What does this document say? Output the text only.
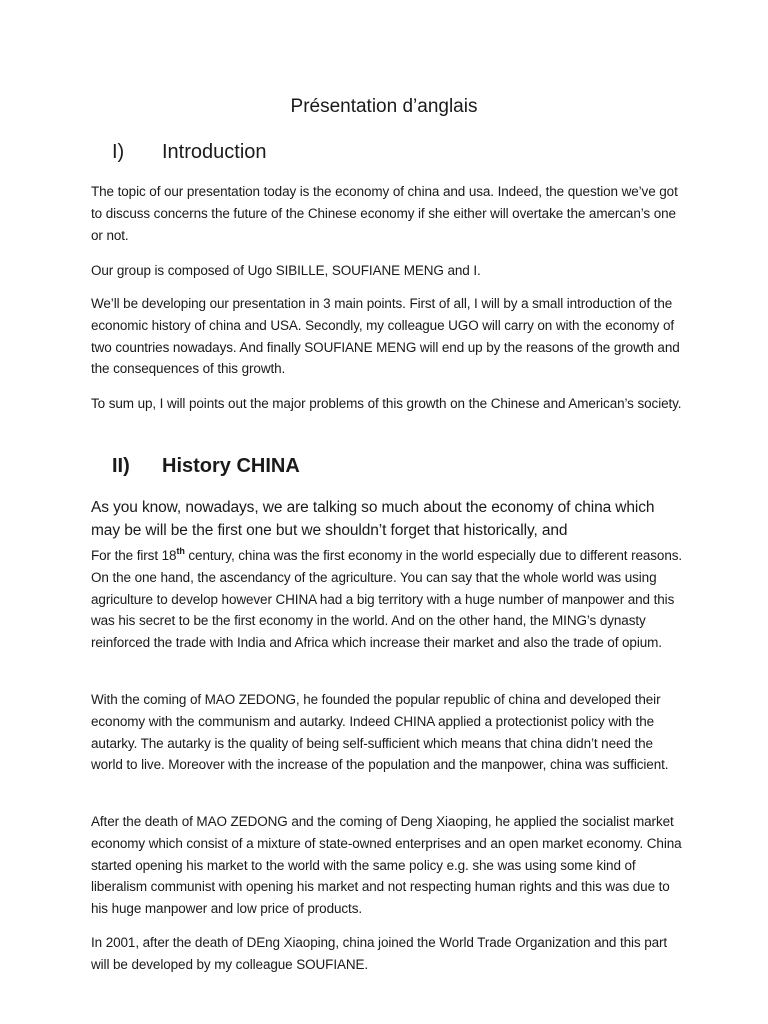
Présentation d’anglais
I) Introduction

The topic of our presentation today is the economy of china and usa. Indeed, the question we’ve got to discuss concerns the future of the Chinese economy if she either will overtake the amercan’s one or not.

Our group is composed of Ugo SIBILLE, SOUFIANE MENG and I.

We’ll be developing our presentation in 3 main points. First of all, I will by a small introduction of the economic history of china and USA. Secondly, my colleague UGO will carry on with the economy of two countries nowadays. And finally SOUFIANE MENG will end up by the reasons of the growth and the consequences of this growth.

To sum up, I will points out the major problems of this growth on the Chinese and American’s society.

II) History CHINA

As you know, nowadays, we are talking so much about the economy of china which may be will be the first one but we shouldn’t forget that historically, and

For the first 18th century, china was the first economy in the world especially due to different reasons. On the one hand, the ascendancy of the agriculture. You can say that the whole world was using agriculture to develop however CHINA had a big territory with a huge number of manpower and this was his secret to be the first economy in the world. And on the other hand, the MING’s dynasty reinforced the trade with India and Africa which increase their market and also the trade of opium.

With the coming of MAO ZEDONG, he founded the popular republic of china and developed their economy with the communism and autarky. Indeed CHINA applied a protectionist policy with the autarky. The autarky is the quality of being self-sufficient which means that china didn’t need the world to live. Moreover with the increase of the population and the manpower, china was sufficient.

After the death of MAO ZEDONG and the coming of Deng Xiaoping, he applied the socialist market economy which consist of a mixture of state-owned enterprises and an open market economy. China started opening his market to the world with the same policy e.g. she was using some kind of liberalism communist with opening his market and not respecting human rights and this was due to his huge manpower and low price of products.

In 2001, after the death of DEng Xiaoping, china joined the World Trade Organization and this part will be developed by my colleague SOUFIANE.
